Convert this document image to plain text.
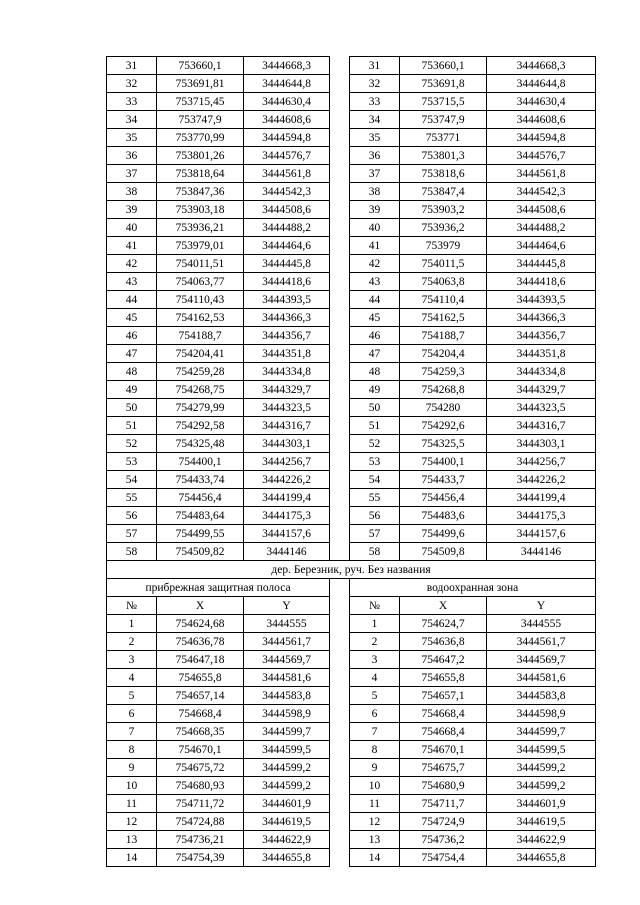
31	753660,1	3444668,3		31	753660,1	3444668,3
32	753691,81	3444644,8		32	753691,8	3444644,8
33	753715,45	3444630,4		33	753715,5	3444630,4
34	753747,9	3444608,6		34	753747,9	3444608,6
35	753770,99	3444594,8		35	753771	3444594,8
36	753801,26	3444576,7		36	753801,3	3444576,7
37	753818,64	3444561,8		37	753818,6	3444561,8
38	753847,36	3444542,3		38	753847,4	3444542,3
39	753903,18	3444508,6		39	753903,2	3444508,6
40	753936,21	3444488,2		40	753936,2	3444488,2
41	753979,01	3444464,6		41	753979	3444464,6
42	754011,51	3444445,8		42	754011,5	3444445,8
43	754063,77	3444418,6		43	754063,8	3444418,6
44	754110,43	3444393,5		44	754110,4	3444393,5
45	754162,53	3444366,3		45	754162,5	3444366,3
46	754188,7	3444356,7		46	754188,7	3444356,7
47	754204,41	3444351,8		47	754204,4	3444351,8
48	754259,28	3444334,8		48	754259,3	3444334,8
49	754268,75	3444329,7		49	754268,8	3444329,7
50	754279,99	3444323,5		50	754280	3444323,5
51	754292,58	3444316,7		51	754292,6	3444316,7
52	754325,48	3444303,1		52	754325,5	3444303,1
53	754400,1	3444256,7		53	754400,1	3444256,7
54	754433,74	3444226,2		54	754433,7	3444226,2
55	754456,4	3444199,4		55	754456,4	3444199,4
56	754483,64	3444175,3		56	754483,6	3444175,3
57	754499,55	3444157,6		57	754499,6	3444157,6
58	754509,82	3444146		58	754509,8	3444146
дер. Березник, руч. Без названия						
прибрежная защитная полоса				водоохранная зона		
№	X	Y		№	X	Y
1	754624,68	3444555		1	754624,7	3444555
2	754636,78	3444561,7		2	754636,8	3444561,7
3	754647,18	3444569,7		3	754647,2	3444569,7
4	754655,8	3444581,6		4	754655,8	3444581,6
5	754657,14	3444583,8		5	754657,1	3444583,8
6	754668,4	3444598,9		6	754668,4	3444598,9
7	754668,35	3444599,7		7	754668,4	3444599,7
8	754670,1	3444599,5		8	754670,1	3444599,5
9	754675,72	3444599,2		9	754675,7	3444599,2
10	754680,93	3444599,2		10	754680,9	3444599,2
11	754711,72	3444601,9		11	754711,7	3444601,9
12	754724,88	3444619,5		12	754724,9	3444619,5
13	754736,21	3444622,9		13	754736,2	3444622,9
14	754754,39	3444655,8		14	754754,4	3444655,8
